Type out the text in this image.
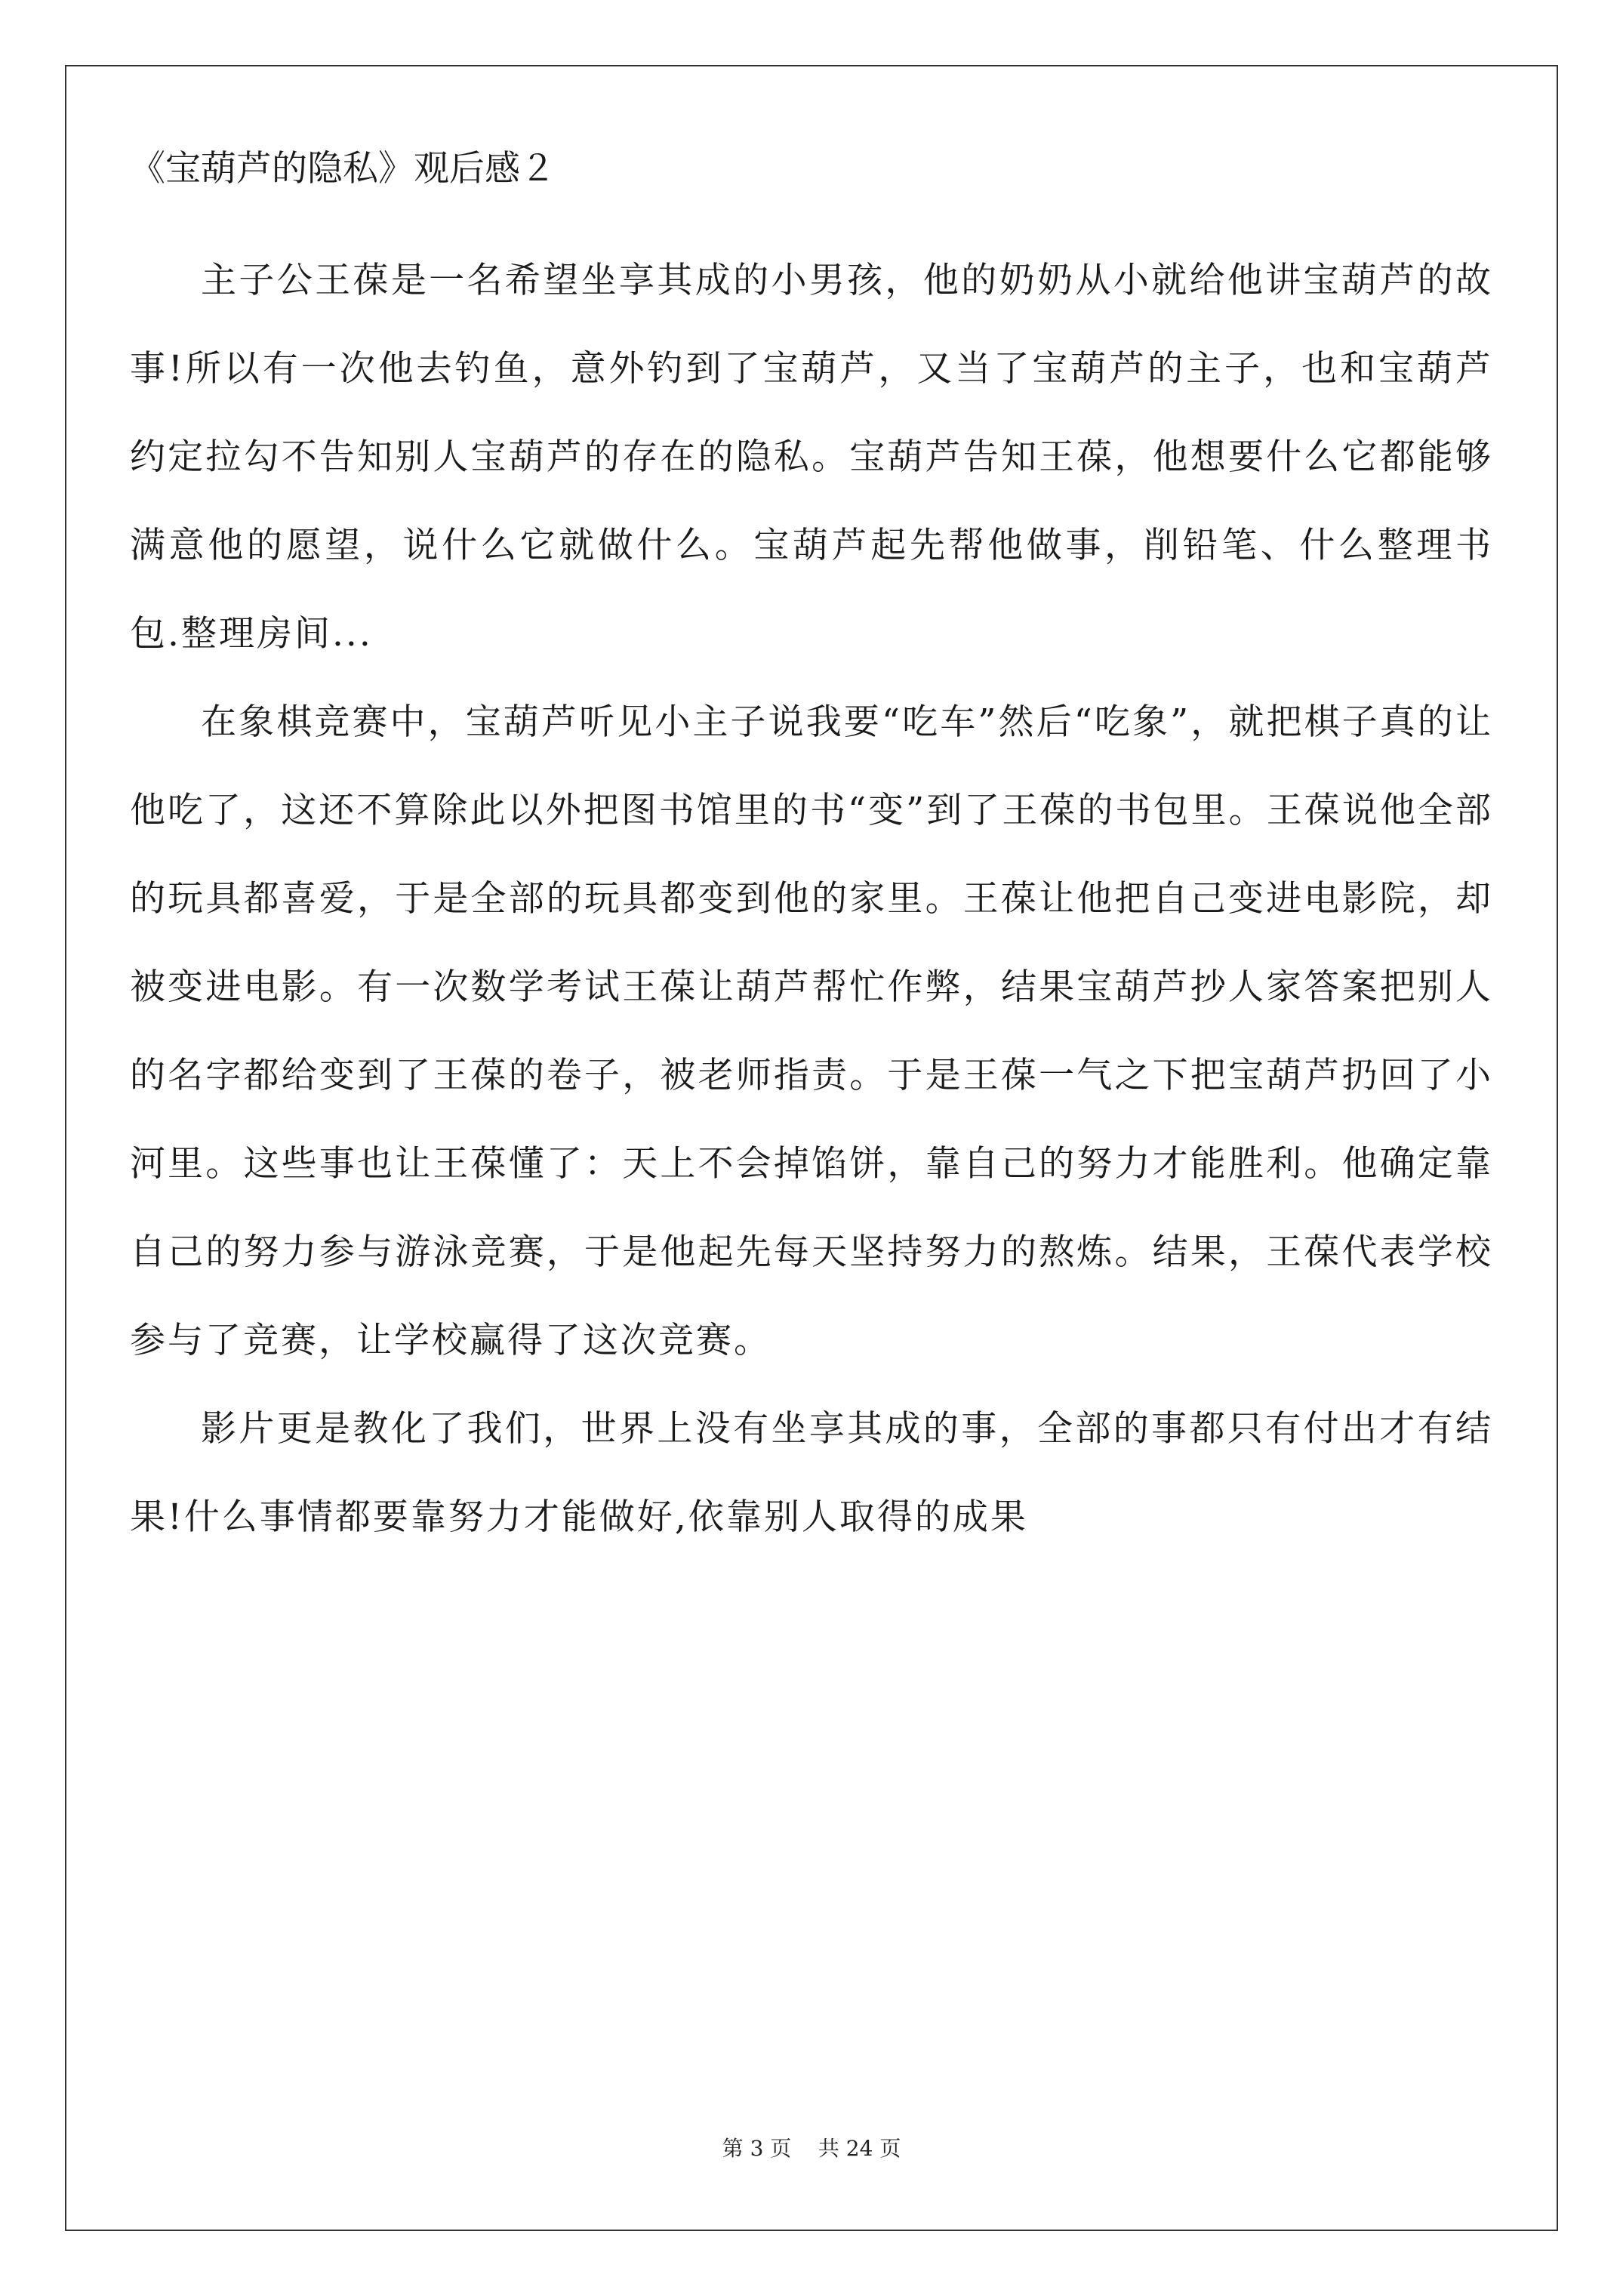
《宝葫芦的隐私》观后感２

主子公王葆是一名希望坐享其成的小男孩，他的奶奶从小就给他讲宝葫芦的故事!所以有一次他去钓鱼，意外钓到了宝葫芦，又当了宝葫芦的主子，也和宝葫芦约定拉勾不告知别人宝葫芦的存在的隐私。宝葫芦告知王葆，他想要什么它都能够满意他的愿望，说什么它就做什么。宝葫芦起先帮他做事，削铅笔、什么整理书包.整理房间...

在象棋竞赛中，宝葫芦听见小主子说我要“吃车”然后“吃象”，就把棋子真的让他吃了，这还不算除此以外把图书馆里的书“变”到了王葆的书包里。王葆说他全部的玩具都喜爱，于是全部的玩具都变到他的家里。王葆让他把自己变进电影院，却被变进电影。有一次数学考试王葆让葫芦帮忙作弊，结果宝葫芦抄人家答案把别人的名字都给变到了王葆的卷子，被老师指责。于是王葆一气之下把宝葫芦扔回了小河里。这些事也让王葆懂了：天上不会掉馅饼，靠自己的努力才能胜利。他确定靠自己的努力参与游泳竞赛，于是他起先每天坚持努力的熬炼。结果，王葆代表学校参与了竞赛，让学校赢得了这次竞赛。

影片更是教化了我们，世界上没有坐享其成的事，全部的事都只有付出才有结果!什么事情都要靠努力才能做好,依靠别人取得的成果

第 3 页    共 24 页
